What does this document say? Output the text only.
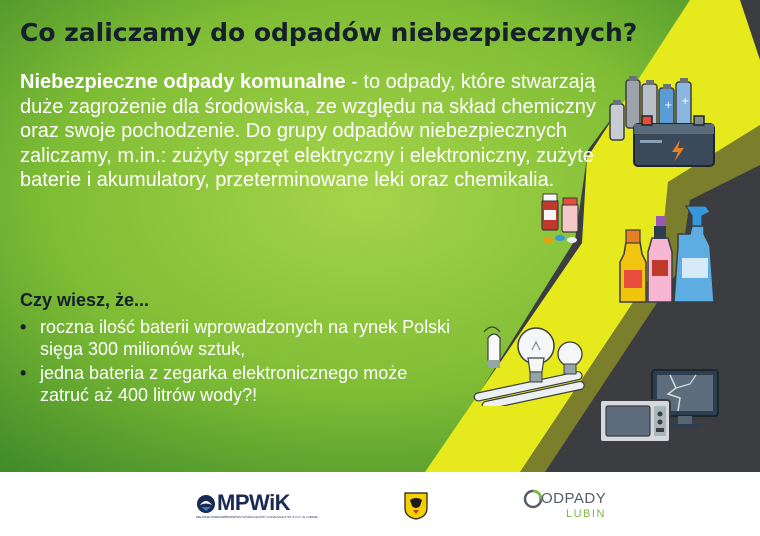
Co zaliczamy do odpadów niebezpiecznych?

Niebezpieczne odpady komunalne - to odpady, które stwarzają duże zagrożenie dla środowiska, ze względu na skład chemiczny oraz swoje pochodzenie. Do grupy odpadów niebezpiecznych zaliczamy, m.in.: zużyty sprzęt elektryczny i elektroniczny, zużyte baterie i akumulatory, przeterminowane leki oraz chemikalia.

Czy wiesz, że...
• roczna ilość baterii wprowadzonych na rynek Polski sięga 300 milionów sztuk,
• jedna bateria z zegarka elektronicznego może zatruć aż 400 litrów wody?!
+ +
MPWiK
MIEJSKIE PRZEDSIĘBIORSTWO WODOCIĄGÓW I KANALIZACJI SP. Z O.O. W LUBINIE
ODPADY
LUBIN
